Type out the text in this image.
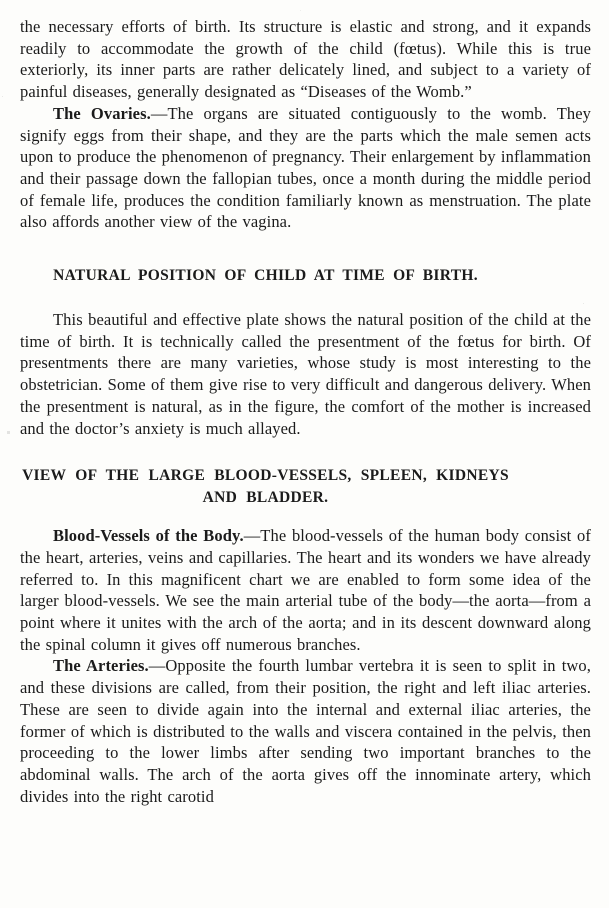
the necessary efforts of birth. Its structure is elastic and strong, and it expands readily to accommodate the growth of the child (fœtus). While this is true exteriorly, its inner parts are rather delicately lined, and subject to a variety of painful diseases, generally designated as “Diseases of the Womb.”

The Ovaries.—The organs are situated contiguously to the womb. They signify eggs from their shape, and they are the parts which the male semen acts upon to produce the phenomenon of pregnancy. Their enlargement by inflammation and their passage down the fallopian tubes, once a month during the middle period of female life, produces the condition familiarly known as menstruation. The plate also affords another view of the vagina.

NATURAL POSITION OF CHILD AT TIME OF BIRTH.

This beautiful and effective plate shows the natural position of the child at the time of birth. It is technically called the presentment of the fœtus for birth. Of presentments there are many varieties, whose study is most interesting to the obstetrician. Some of them give rise to very difficult and dangerous delivery. When the presentment is natural, as in the figure, the comfort of the mother is increased and the doctor’s anxiety is much allayed.

VIEW OF THE LARGE BLOOD-VESSELS, SPLEEN, KIDNEYS AND BLADDER.

Blood-Vessels of the Body.—The blood-vessels of the human body consist of the heart, arteries, veins and capillaries. The heart and its wonders we have already referred to. In this magnificent chart we are enabled to form some idea of the larger blood-vessels. We see the main arterial tube of the body—the aorta—from a point where it unites with the arch of the aorta; and in its descent downward along the spinal column it gives off numerous branches.

The Arteries.—Opposite the fourth lumbar vertebra it is seen to split in two, and these divisions are called, from their position, the right and left iliac arteries. These are seen to divide again into the internal and external iliac arteries, the former of which is distributed to the walls and viscera contained in the pelvis, then proceeding to the lower limbs after sending two important branches to the abdominal walls. The arch of the aorta gives off the innominate artery, which divides into the right carotid
